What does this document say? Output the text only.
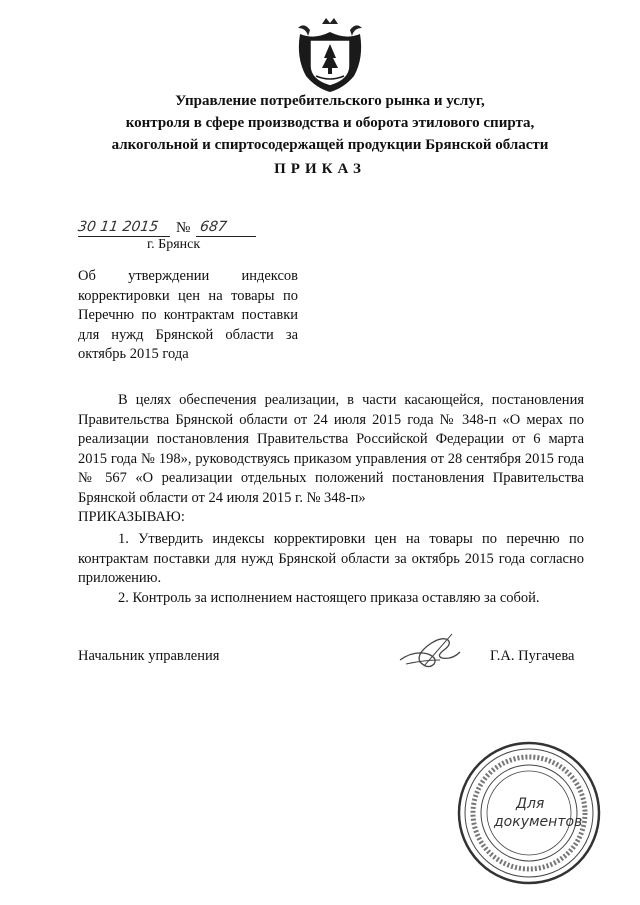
Управление потребительского рынка и услуг,
контроля в сфере производства и оборота этилового спирта,
алкогольной и спиртосодержащей продукции Брянской области
ПРИКАЗ
30 11 2015 № 687
г. Брянск
Об утверждении индексов корректировки цен на товары по Перечню по контрактам поставки для нужд Брянской области за октябрь 2015 года

В целях обеспечения реализации, в части касающейся, постановления Правительства Брянской области от 24 июля 2015 года № 348-п «О мерах по реализации постановления Правительства Российской Федерации от 6 марта 2015 года № 198», руководствуясь приказом управления от 28 сентября 2015 года № 567 «О реализации отдельных положений постановления Правительства Брянской области от 24 июля 2015 г. № 348-п»

ПРИКАЗЫВАЮ:

1. Утвердить индексы корректировки цен на товары по перечню по контрактам поставки для нужд Брянской области за октябрь 2015 года согласно приложению.

2. Контроль за исполнением настоящего приказа оставляю за собой.

Начальник управления	Г.А. Пугачева
Для
документов
